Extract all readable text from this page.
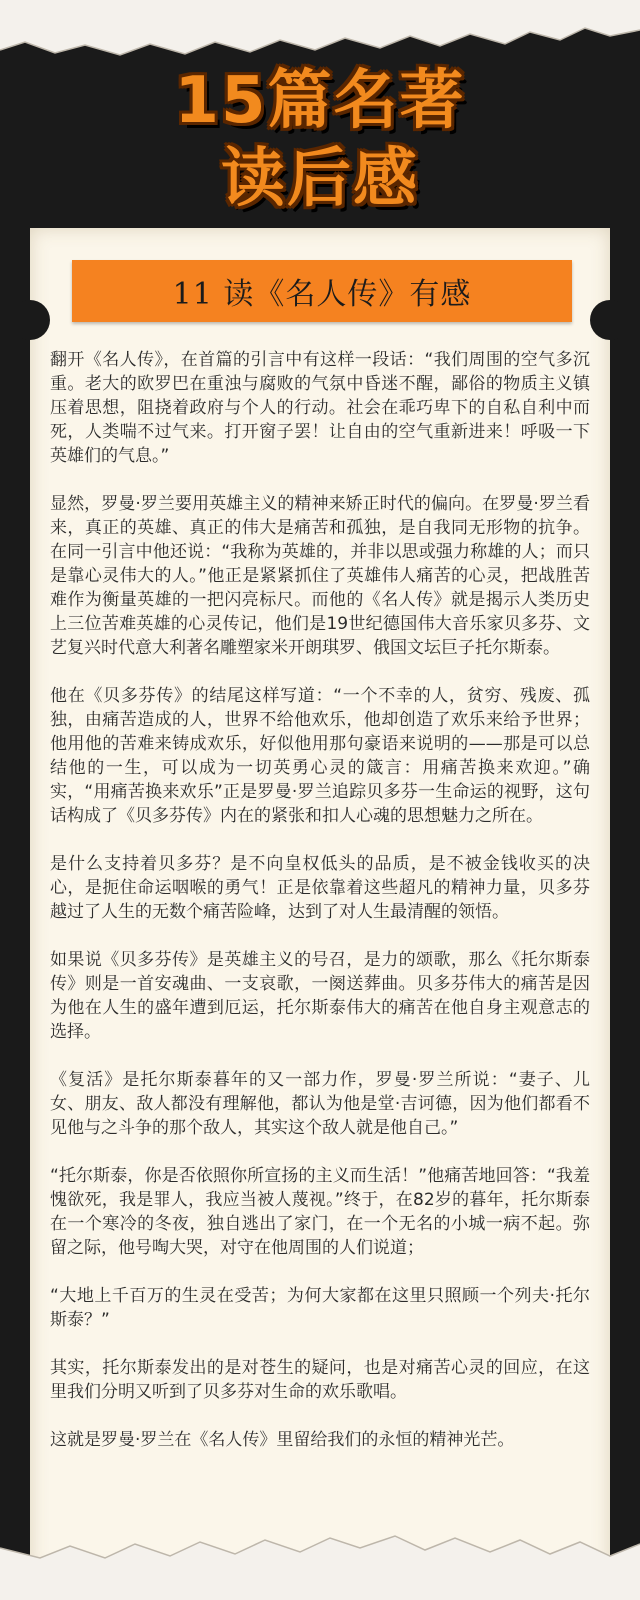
15篇名著
读后感
11 读《名人传》有感

翻开《名人传》，在首篇的引言中有这样一段话：“我们周围的空气多沉重。老大的欧罗巴在重浊与腐败的气氛中昏迷不醒，鄙俗的物质主义镇压着思想，阻挠着政府与个人的行动。社会在乖巧卑下的自私自利中而死，人类喘不过气来。打开窗子罢！让自由的空气重新进来！呼吸一下英雄们的气息。”

显然，罗曼·罗兰要用英雄主义的精神来矫正时代的偏向。在罗曼·罗兰看来，真正的英雄、真正的伟大是痛苦和孤独，是自我同无形物的抗争。在同一引言中他还说：“我称为英雄的，并非以思或强力称雄的人；而只是靠心灵伟大的人。”他正是紧紧抓住了英雄伟人痛苦的心灵，把战胜苦难作为衡量英雄的一把闪亮标尺。而他的《名人传》就是揭示人类历史上三位苦难英雄的心灵传记，他们是19世纪德国伟大音乐家贝多芬、文艺复兴时代意大利著名雕塑家米开朗琪罗、俄国文坛巨子托尔斯泰。

他在《贝多芬传》的结尾这样写道：“一个不幸的人，贫穷、残废、孤独，由痛苦造成的人，世界不给他欢乐，他却创造了欢乐来给予世界；他用他的苦难来铸成欢乐，好似他用那句豪语来说明的——那是可以总结他的一生，可以成为一切英勇心灵的箴言：用痛苦换来欢迎。”确实，“用痛苦换来欢乐”正是罗曼·罗兰追踪贝多芬一生命运的视野，这句话构成了《贝多芬传》内在的紧张和扣人心魂的思想魅力之所在。

是什么支持着贝多芬？是不向皇权低头的品质，是不被金钱收买的决心，是扼住命运咽喉的勇气！正是依靠着这些超凡的精神力量，贝多芬越过了人生的无数个痛苦险峰，达到了对人生最清醒的领悟。

如果说《贝多芬传》是英雄主义的号召，是力的颂歌，那么《托尔斯泰传》则是一首安魂曲、一支哀歌，一阕送葬曲。贝多芬伟大的痛苦是因为他在人生的盛年遭到厄运，托尔斯泰伟大的痛苦在他自身主观意志的选择。

《复活》是托尔斯泰暮年的又一部力作，罗曼·罗兰所说：“妻子、儿女、朋友、敌人都没有理解他，都认为他是堂·吉诃德，因为他们都看不见他与之斗争的那个敌人，其实这个敌人就是他自己。”

“托尔斯泰，你是否依照你所宣扬的主义而生活！”他痛苦地回答：“我羞愧欲死，我是罪人，我应当被人蔑视。”终于，在82岁的暮年，托尔斯泰在一个寒冷的冬夜，独自逃出了家门，在一个无名的小城一病不起。弥留之际，他号啕大哭，对守在他周围的人们说道；

“大地上千百万的生灵在受苦；为何大家都在这里只照顾一个列夫·托尔斯泰？”

其实，托尔斯泰发出的是对苍生的疑问，也是对痛苦心灵的回应，在这里我们分明又听到了贝多芬对生命的欢乐歌唱。

这就是罗曼·罗兰在《名人传》里留给我们的永恒的精神光芒。
